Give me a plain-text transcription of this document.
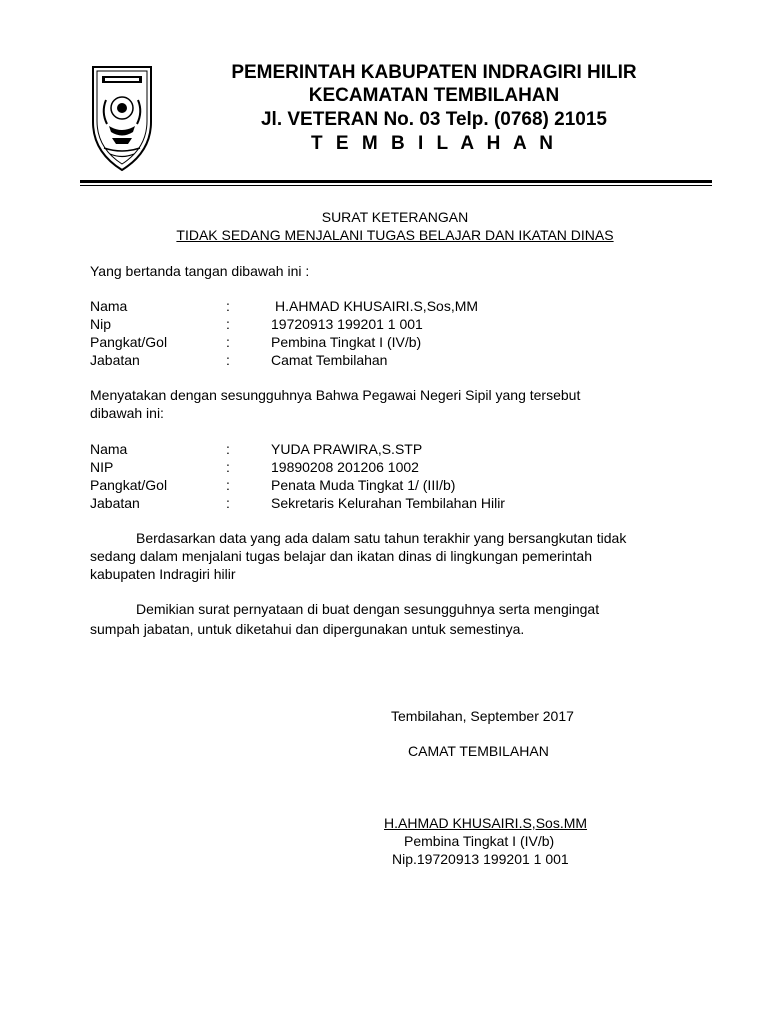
PEMERINTAH KABUPATEN INDRAGIRI HILIR
KECAMATAN TEMBILAHAN
Jl. VETERAN No. 03 Telp. (0768) 21015
T E M B I L A H A N
SURAT KETERANGAN
TIDAK SEDANG MENJALANI TUGAS BELAJAR DAN IKATAN DINAS
Yang bertanda tangan dibawah ini :
Nama	:	H.AHMAD KHUSAIRI.S,Sos,MM
Nip	:	19720913 199201 1 001
Pangkat/Gol	:	Pembina Tingkat I (IV/b)
Jabatan	:	Camat Tembilahan
Menyatakan dengan sesungguhnya Bahwa Pegawai Negeri Sipil yang tersebut
dibawah ini:
Nama	:	YUDA PRAWIRA,S.STP
NIP	:	19890208 201206 1002
Pangkat/Gol	:	Penata Muda Tingkat 1/ (III/b)
Jabatan	:	Sekretaris Kelurahan Tembilahan Hilir
Berdasarkan data yang ada dalam satu tahun terakhir yang bersangkutan tidak
sedang dalam menjalani tugas belajar dan ikatan dinas di lingkungan pemerintah
kabupaten Indragiri hilir
Demikian surat pernyataan di buat dengan sesungguhnya serta mengingat
sumpah jabatan, untuk diketahui dan dipergunakan untuk semestinya.
Tembilahan, September 2017
CAMAT TEMBILAHAN
H.AHMAD KHUSAIRI.S,Sos.MM
Pembina Tingkat I (IV/b)
Nip.19720913 199201 1 001
